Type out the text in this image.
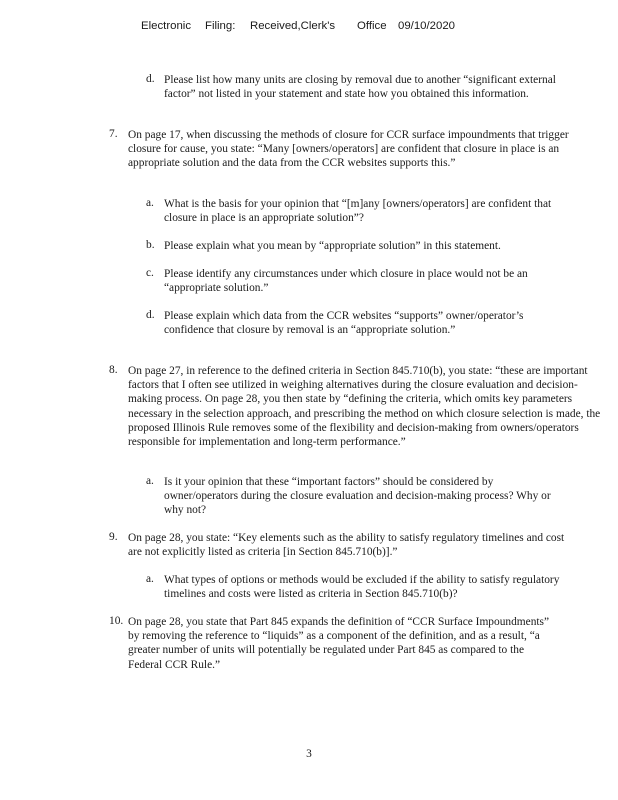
Electronic Filing: Received,Clerk's Office 09/10/2020
d. Please list how many units are closing by removal due to another “significant external factor” not listed in your statement and state how you obtained this information.
7. On page 17, when discussing the methods of closure for CCR surface impoundments that trigger closure for cause, you state: “Many [owners/operators] are confident that closure in place is an appropriate solution and the data from the CCR websites supports this.”
a. What is the basis for your opinion that “[m]any [owners/operators] are confident that closure in place is an appropriate solution”?
b. Please explain what you mean by “appropriate solution” in this statement.
c. Please identify any circumstances under which closure in place would not be an “appropriate solution.”
d. Please explain which data from the CCR websites “supports” owner/operator’s confidence that closure by removal is an “appropriate solution.”
8. On page 27, in reference to the defined criteria in Section 845.710(b), you state: “these are important factors that I often see utilized in weighing alternatives during the closure evaluation and decision-making process. On page 28, you then state by “defining the criteria, which omits key parameters necessary in the selection approach, and prescribing the method on which closure selection is made, the proposed Illinois Rule removes some of the flexibility and decision-making from owners/operators responsible for implementation and long-term performance.”
a. Is it your opinion that these “important factors” should be considered by owner/operators during the closure evaluation and decision-making process? Why or why not?
9. On page 28, you state: “Key elements such as the ability to satisfy regulatory timelines and cost are not explicitly listed as criteria [in Section 845.710(b)].”
a. What types of options or methods would be excluded if the ability to satisfy regulatory timelines and costs were listed as criteria in Section 845.710(b)?
10. On page 28, you state that Part 845 expands the definition of “CCR Surface Impoundments” by removing the reference to “liquids” as a component of the definition, and as a result, “a greater number of units will potentially be regulated under Part 845 as compared to the Federal CCR Rule.”
3
